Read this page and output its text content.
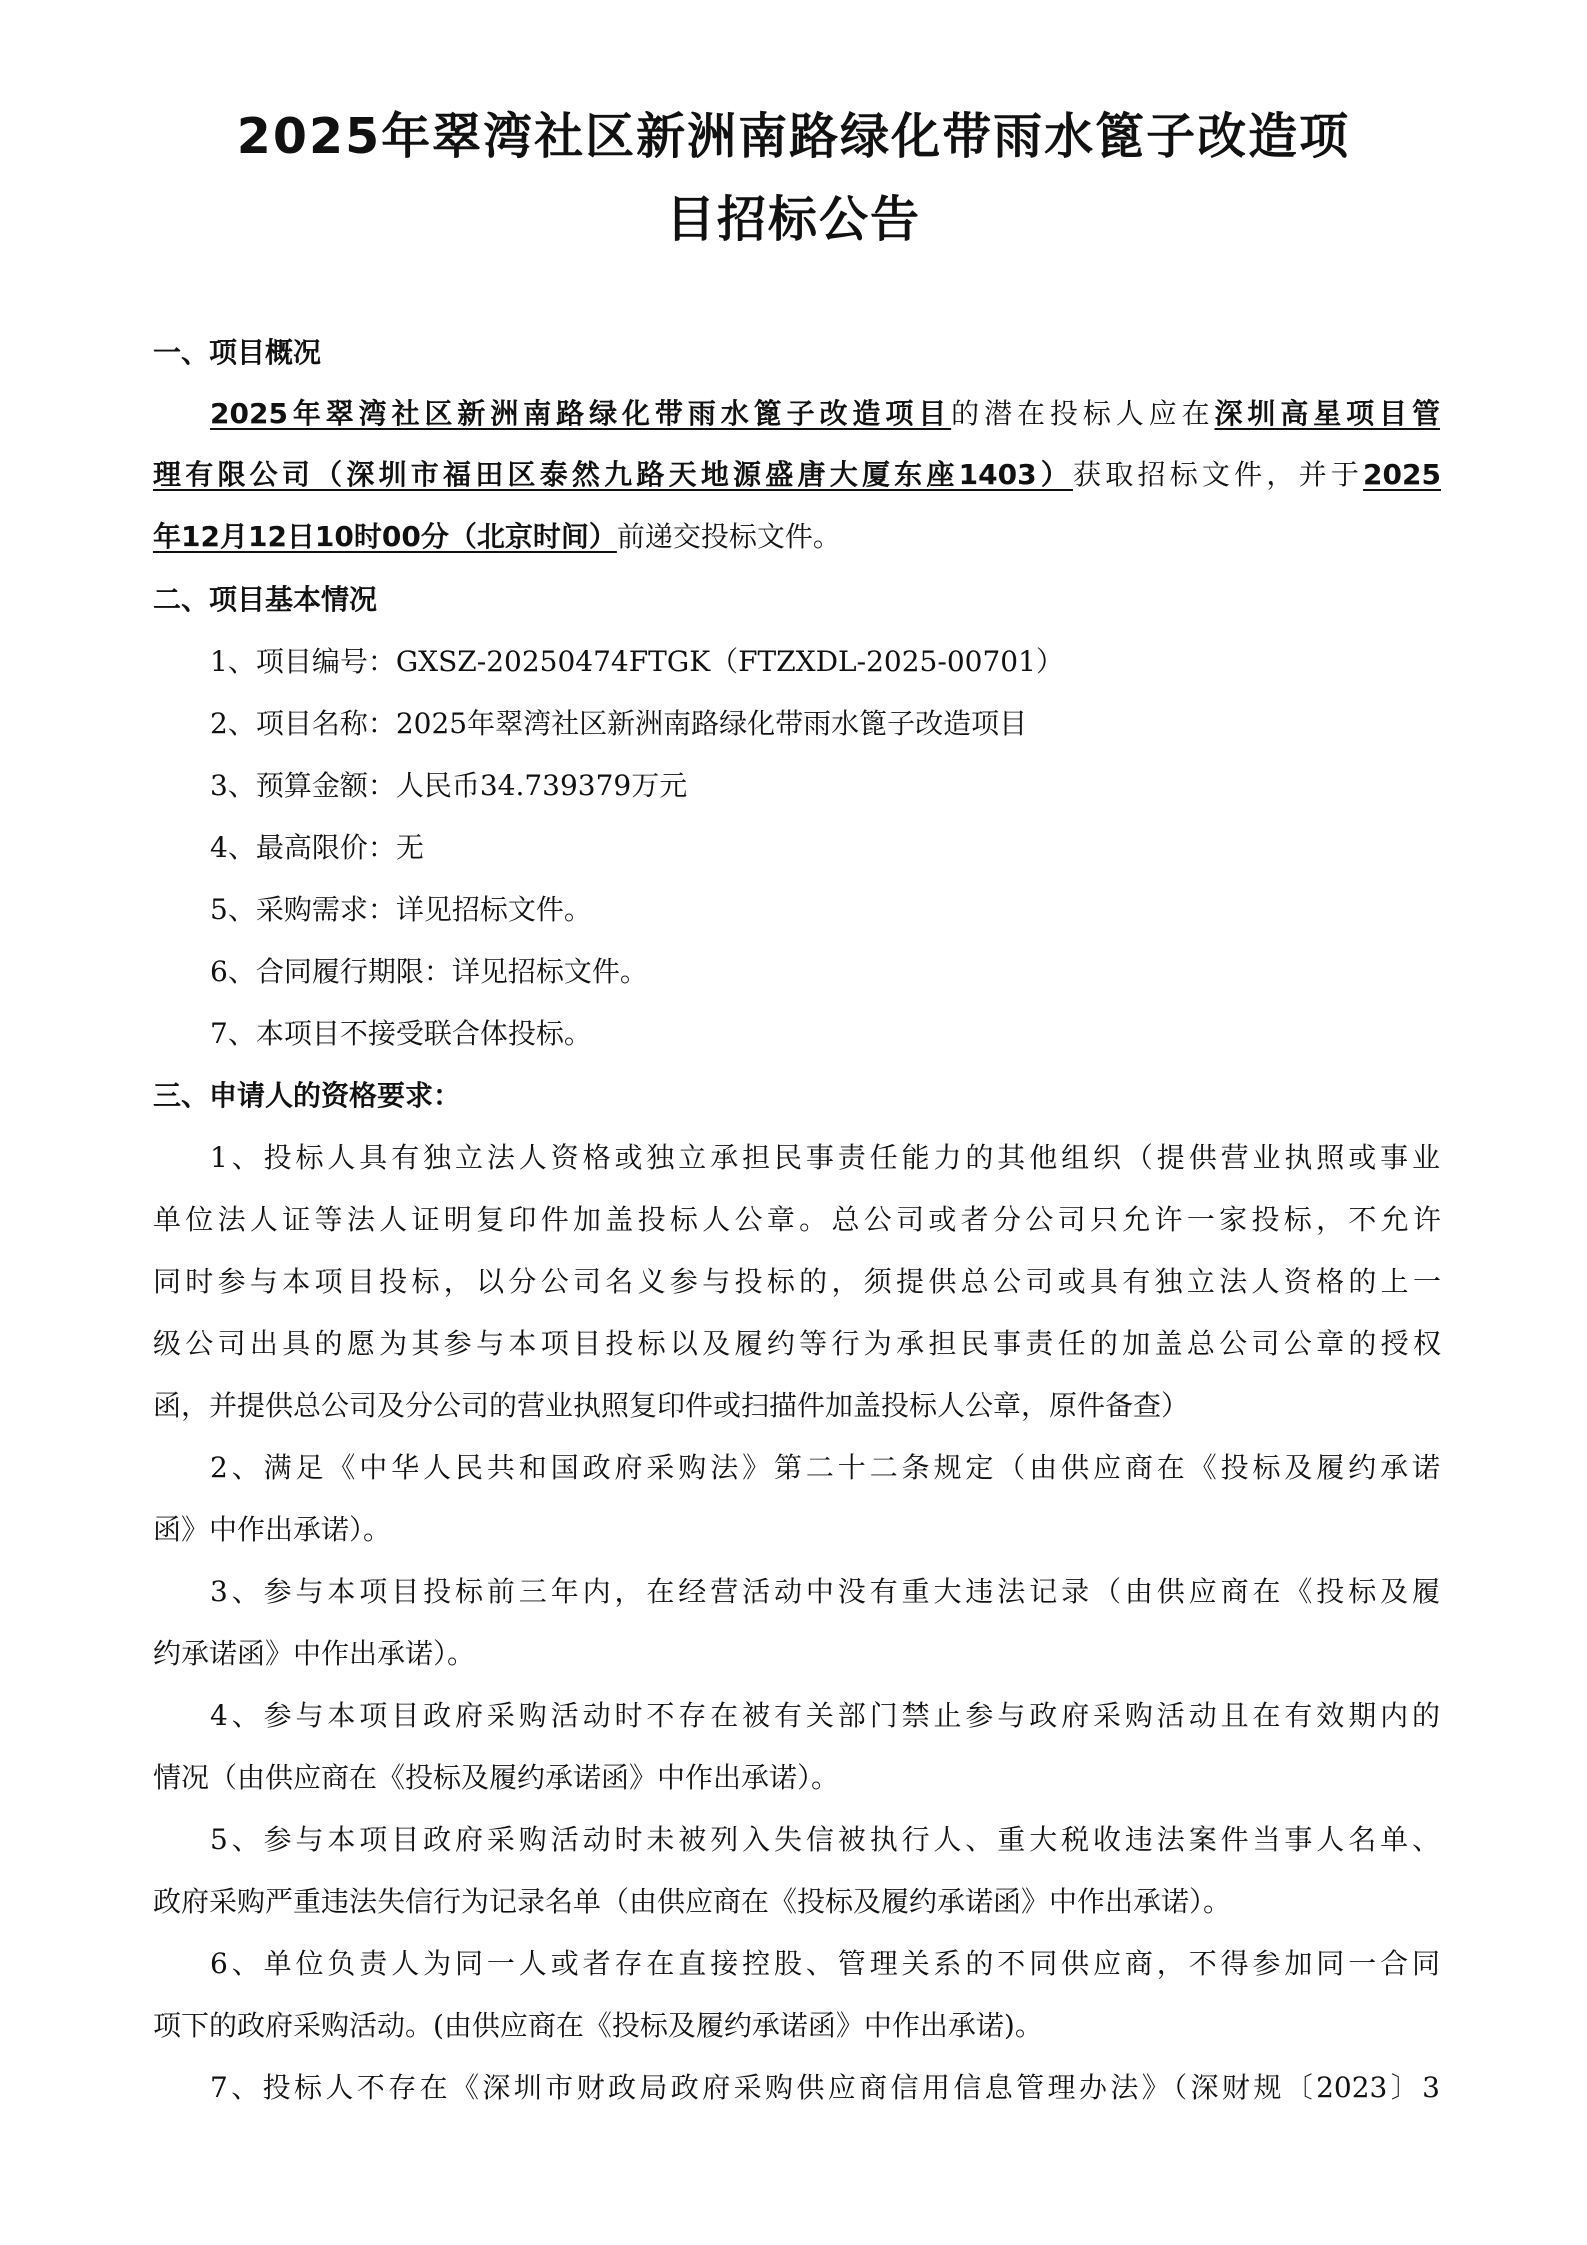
2025年翠湾社区新洲南路绿化带雨水篦子改造项
目招标公告
一、项目概况
2025年翠湾社区新洲南路绿化带雨水篦子改造项目的潜在投标人应在深圳高星项目管
理有限公司（深圳市福田区泰然九路天地源盛唐大厦东座1403）获取招标文件，并于2025
年12月12日10时00分（北京时间）前递交投标文件。
二、项目基本情况
1、项目编号：GXSZ-20250474FTGK（FTZXDL-2025-00701）
2、项目名称：2025年翠湾社区新洲南路绿化带雨水篦子改造项目
3、预算金额：人民币34.739379万元
4、最高限价：无
5、采购需求：详见招标文件。
6、合同履行期限：详见招标文件。
7、本项目不接受联合体投标。
三、申请人的资格要求：
1、投标人具有独立法人资格或独立承担民事责任能力的其他组织（提供营业执照或事业
单位法人证等法人证明复印件加盖投标人公章。总公司或者分公司只允许一家投标，不允许
同时参与本项目投标，以分公司名义参与投标的，须提供总公司或具有独立法人资格的上一
级公司出具的愿为其参与本项目投标以及履约等行为承担民事责任的加盖总公司公章的授权
函，并提供总公司及分公司的营业执照复印件或扫描件加盖投标人公章，原件备查）
2、满足《中华人民共和国政府采购法》第二十二条规定（由供应商在《投标及履约承诺
函》中作出承诺）。
3、参与本项目投标前三年内，在经营活动中没有重大违法记录（由供应商在《投标及履
约承诺函》中作出承诺）。
4、参与本项目政府采购活动时不存在被有关部门禁止参与政府采购活动且在有效期内的
情况（由供应商在《投标及履约承诺函》中作出承诺）。
5、参与本项目政府采购活动时未被列入失信被执行人、重大税收违法案件当事人名单、
政府采购严重违法失信行为记录名单（由供应商在《投标及履约承诺函》中作出承诺）。
6、单位负责人为同一人或者存在直接控股、管理关系的不同供应商，不得参加同一合同
项下的政府采购活动。(由供应商在《投标及履约承诺函》中作出承诺)。
7、投标人不存在《深圳市财政局政府采购供应商信用信息管理办法》（深财规〔2023〕3
